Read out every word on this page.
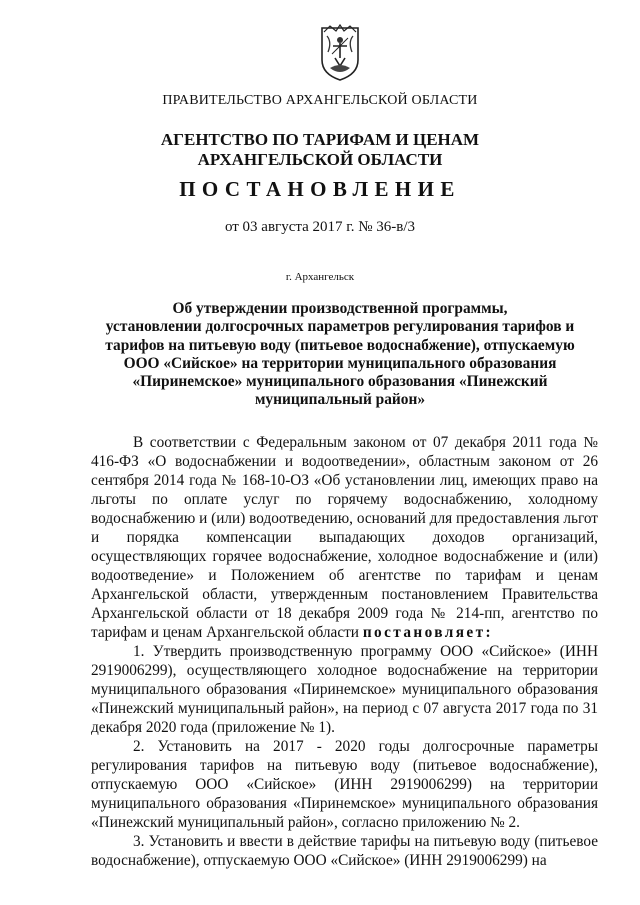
ПРАВИТЕЛЬСТВО АРХАНГЕЛЬСКОЙ ОБЛАСТИ
АГЕНТСТВО ПО ТАРИФАМ И ЦЕНАМ
АРХАНГЕЛЬСКОЙ ОБЛАСТИ
ПОСТАНОВЛЕНИЕ
от 03 августа 2017 г. № 36-в/3
г. Архангельск
Об утверждении производственной программы,
установлении долгосрочных параметров регулирования тарифов и
тарифов на питьевую воду (питьевое водоснабжение), отпускаемую
ООО «Сийское» на территории муниципального образования
«Пиринемское» муниципального образования «Пинежский
муниципальный район»

В соответствии с Федеральным законом от 07 декабря 2011 года № 416-ФЗ «О водоснабжении и водоотведении», областным законом от 26 сентября 2014 года № 168-10-ОЗ «Об установлении лиц, имеющих право на льготы по оплате услуг по горячему водоснабжению, холодному водоснабжению и (или) водоотведению, оснований для предоставления льгот и порядка компенсации выпадающих доходов организаций, осуществляющих горячее водоснабжение, холодное водоснабжение и (или) водоотведение» и Положением об агентстве по тарифам и ценам Архангельской области, утвержденным постановлением Правительства Архангельской области от 18 декабря 2009 года № 214-пп, агентство по тарифам и ценам Архангельской области постановляет:

1. Утвердить производственную программу ООО «Сийское» (ИНН 2919006299), осуществляющего холодное водоснабжение на территории муниципального образования «Пиринемское» муниципального образования «Пинежский муниципальный район», на период с 07 августа 2017 года по 31 декабря 2020 года (приложение № 1).

2. Установить на 2017 - 2020 годы долгосрочные параметры регулирования тарифов на питьевую воду (питьевое водоснабжение), отпускаемую ООО «Сийское» (ИНН 2919006299) на территории муниципального образования «Пиринемское» муниципального образования «Пинежский муниципальный район», согласно приложению № 2.

3. Установить и ввести в действие тарифы на питьевую воду (питьевое водоснабжение), отпускаемую ООО «Сийское» (ИНН 2919006299) на
